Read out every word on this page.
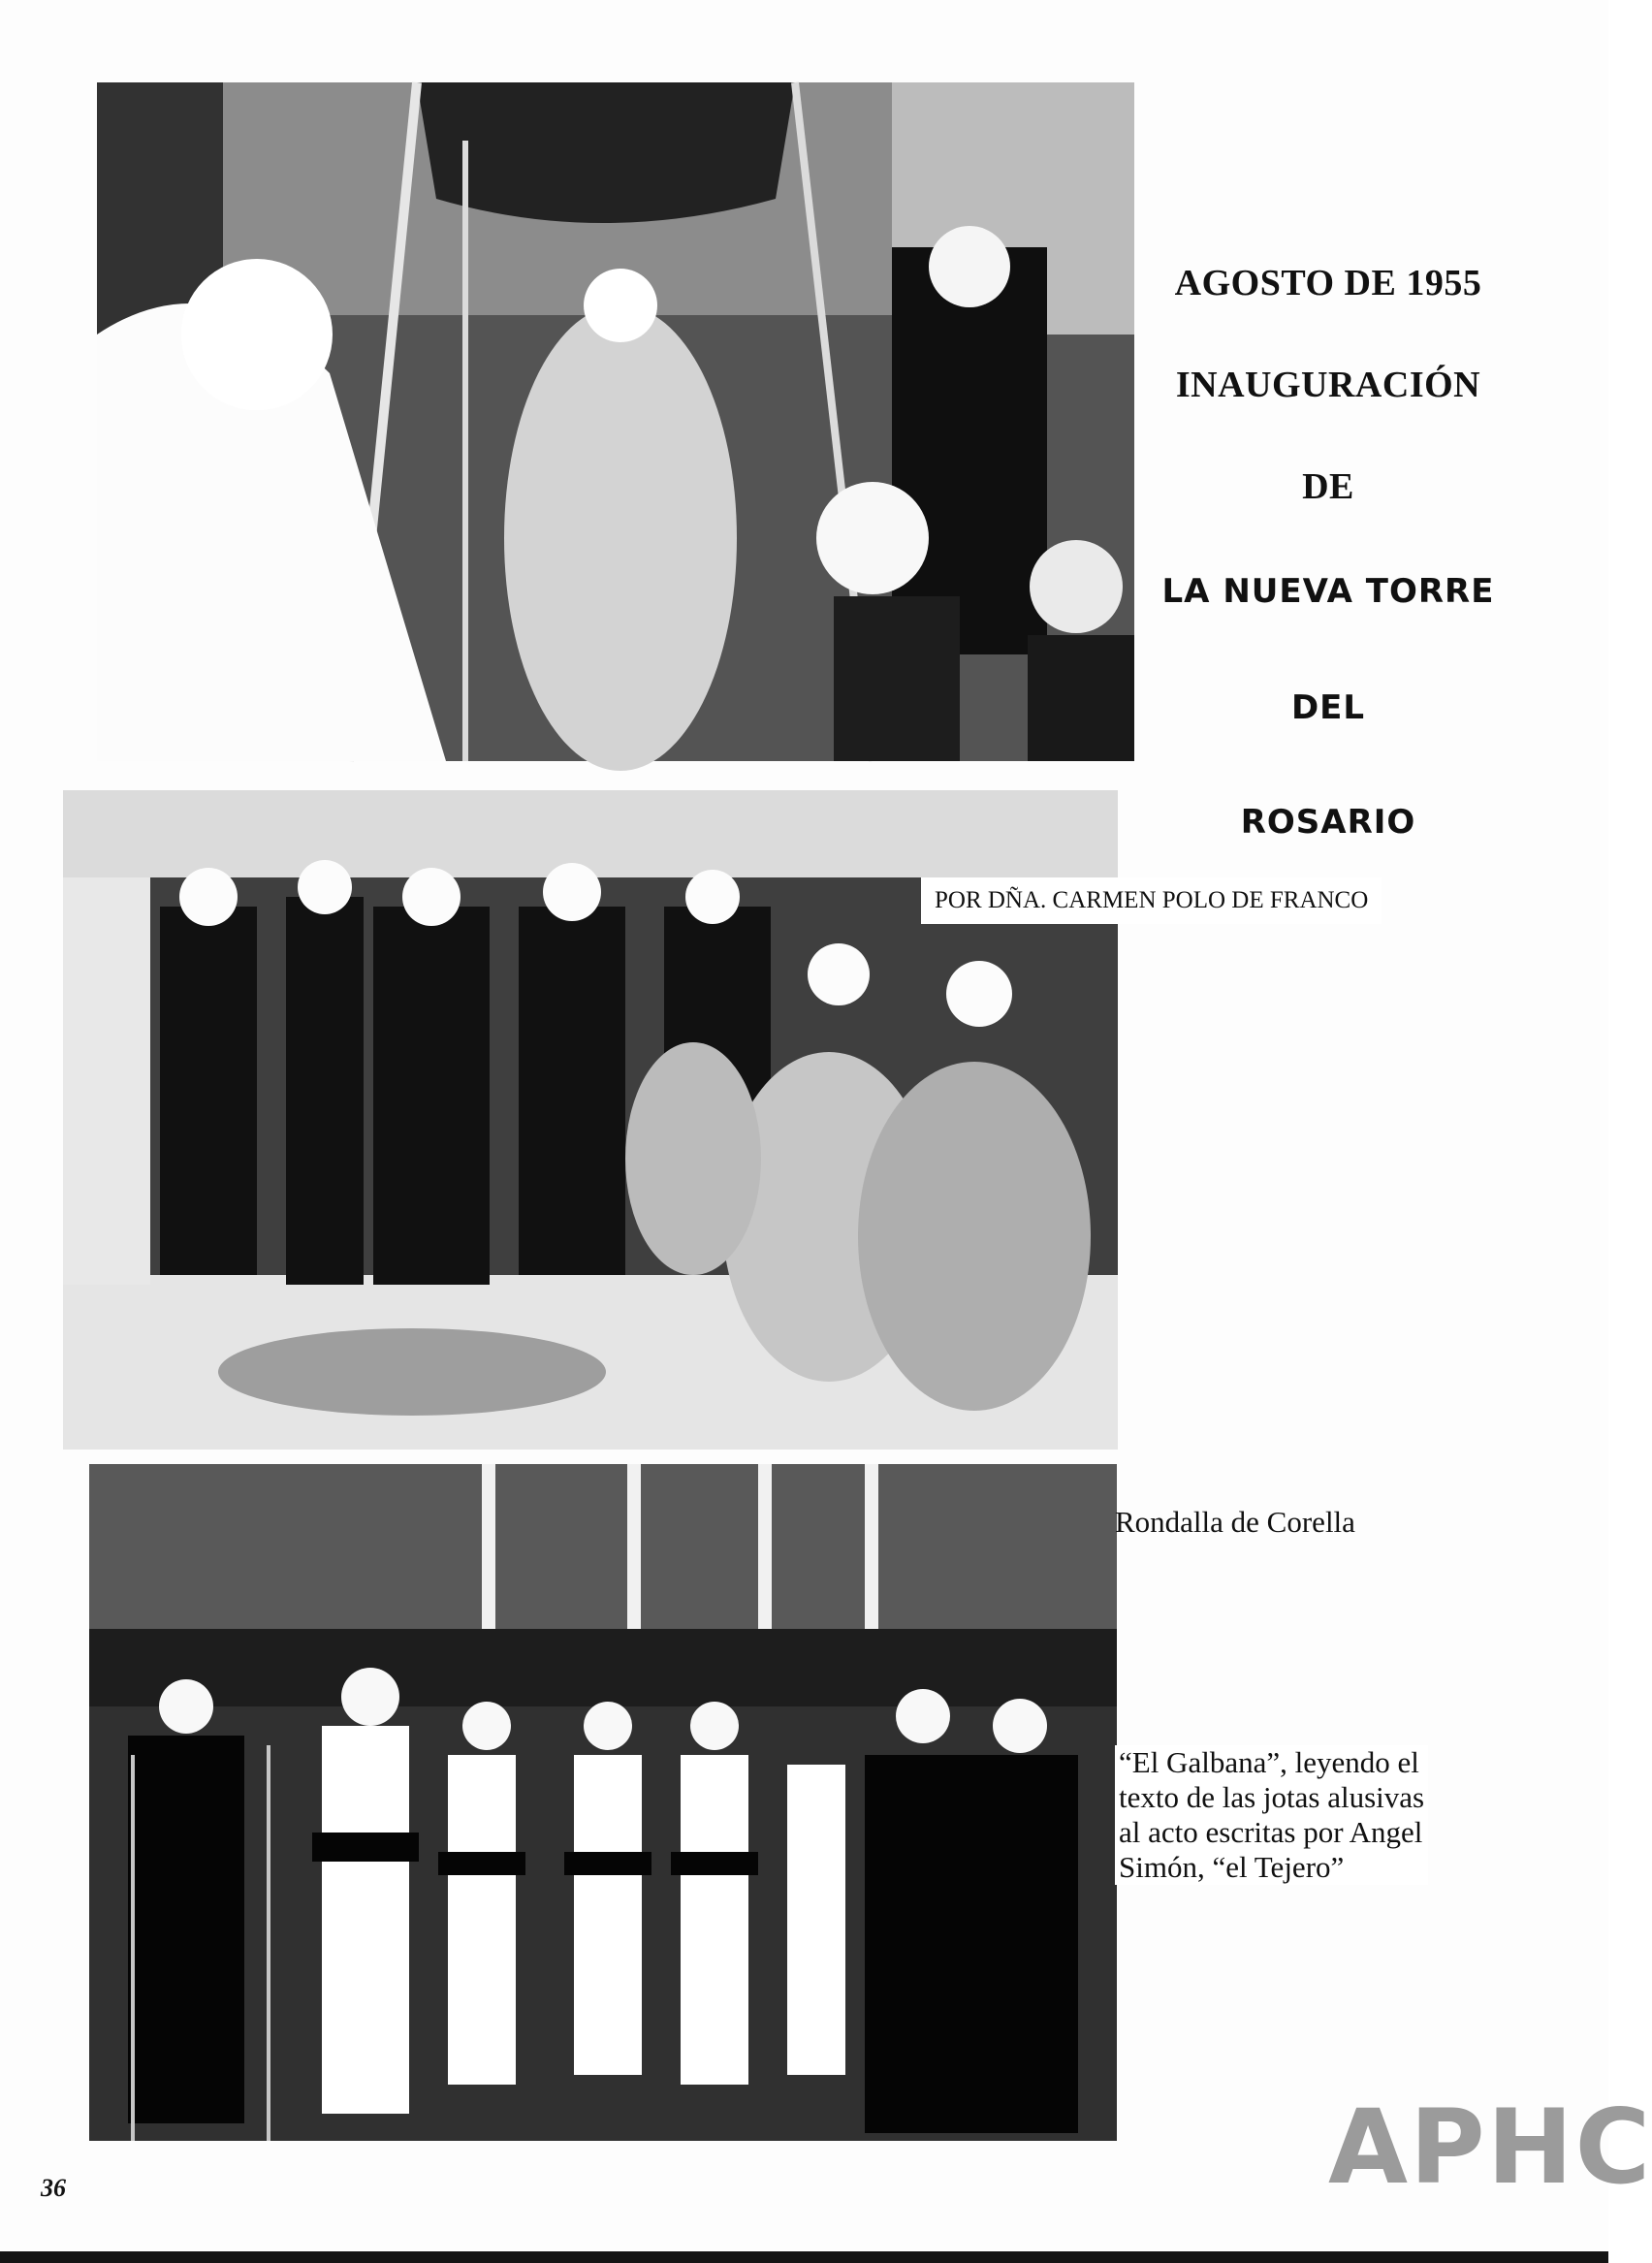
AGOSTO DE 1955
INAUGURACIÓN
DE
LA NUEVA TORRE
DEL
ROSARIO
POR DÑA. CARMEN POLO DE FRANCO
Rondalla de Corella
“El Galbana”, leyendo el
texto de las jotas alusivas
al acto escritas por Angel
Simón, “el Tejero”
36	APHC
